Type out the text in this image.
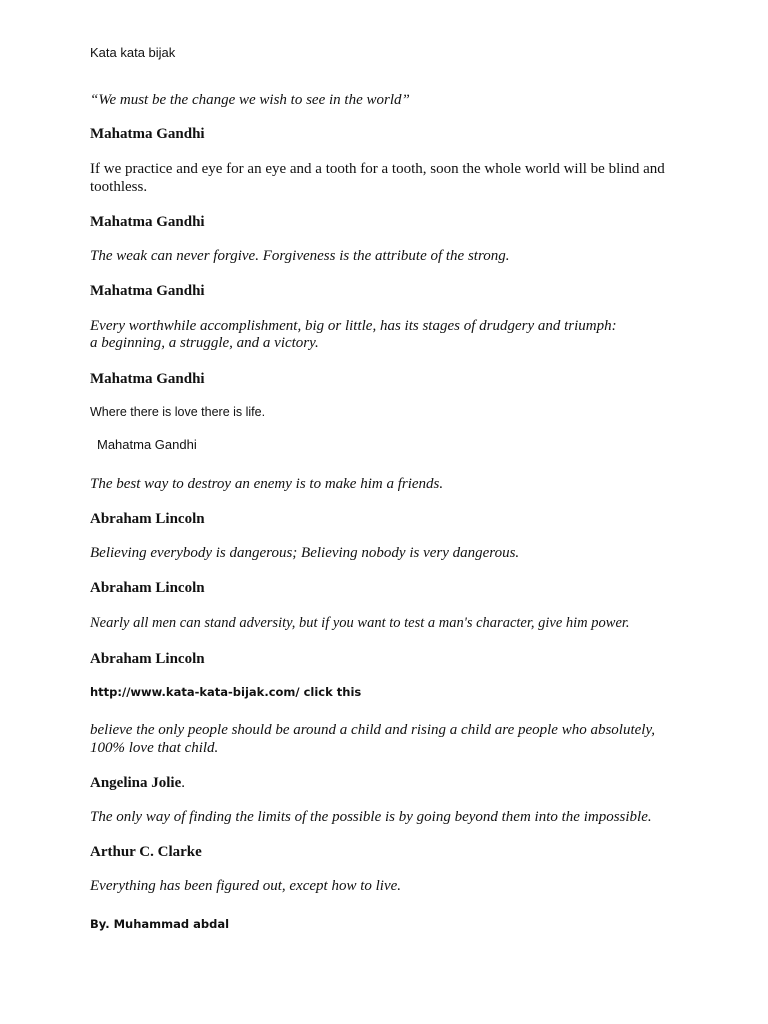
Kata kata bijak

“We must be the change we wish to see in the world”

Mahatma Gandhi

If we practice and eye for an eye and a tooth for a tooth, soon the whole world will be blind and

toothless.

Mahatma Gandhi

The weak can never forgive. Forgiveness is the attribute of the strong.

Mahatma Gandhi

Every worthwhile accomplishment, big or little, has its stages of drudgery and triumph:

a beginning, a struggle, and a victory.

Mahatma Gandhi

Where there is love there is life.

Mahatma Gandhi

The best way to destroy an enemy is to make him a friends.

Abraham Lincoln

Believing everybody is dangerous; Believing nobody is very dangerous.

Abraham Lincoln

Nearly all men can stand adversity, but if you want to test a man's character, give him power.

Abraham Lincoln

http://www.kata-kata-bijak.com/ click this

believe the only people should be around a child and rising a child are people who absolutely,

100% love that child.

Angelina Jolie.

The only way of finding the limits of the possible is by going beyond them into the impossible.

Arthur C. Clarke

Everything has been figured out, except how to live.

By. Muhammad abdal
